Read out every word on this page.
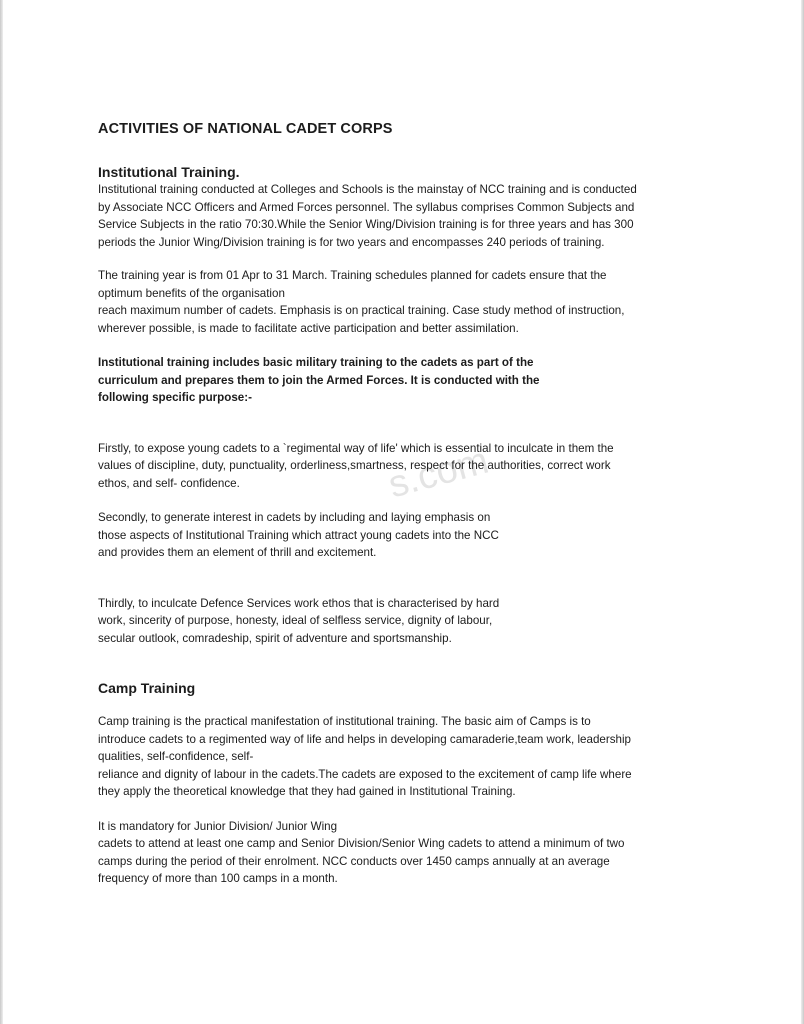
s.com
ACTIVITIES OF NATIONAL CADET CORPS
Institutional Training.

Institutional training conducted at Colleges and Schools is the mainstay of NCC training and is conducted
by Associate NCC Officers and Armed Forces personnel. The syllabus comprises Common Subjects and
Service Subjects in the ratio 70:30.While the Senior Wing/Division training is for three years and has 300
periods the Junior Wing/Division training is for two years and encompasses 240 periods of training.

The training year is from 01 Apr to 31 March. Training schedules planned for cadets ensure that the
optimum benefits of the organisation
reach maximum number of cadets. Emphasis is on practical training. Case study method of instruction,
wherever possible, is made to facilitate active participation and better assimilation.

Institutional training includes basic military training to the cadets as part of the
curriculum and prepares them to join the Armed Forces. It is conducted with the
following specific purpose:-

Firstly, to expose young cadets to a `regimental way of life' which is essential to inculcate in them the
values of discipline, duty, punctuality, orderliness,smartness, respect for the authorities, correct work
ethos, and self- confidence.

Secondly, to generate interest in cadets by including and laying emphasis on
those aspects of Institutional Training which attract young cadets into the NCC
and provides them an element of thrill and excitement.

Thirdly, to inculcate Defence Services work ethos that is characterised by hard
work, sincerity of purpose, honesty, ideal of selfless service, dignity of labour,
secular outlook, comradeship, spirit of adventure and sportsmanship.

Camp Training

Camp training is the practical manifestation of institutional training. The basic aim of Camps is to
introduce cadets to a regimented way of life and helps in developing camaraderie,team work, leadership
qualities, self-confidence, self-
reliance and dignity of labour in the cadets.The cadets are exposed to the excitement of camp life where
they apply the theoretical knowledge that they had gained in Institutional Training.

It is mandatory for Junior Division/ Junior Wing
cadets to attend at least one camp and Senior Division/Senior Wing cadets to attend a minimum of two
camps during the period of their enrolment. NCC conducts over 1450 camps annually at an average
frequency of more than 100 camps in a month.
